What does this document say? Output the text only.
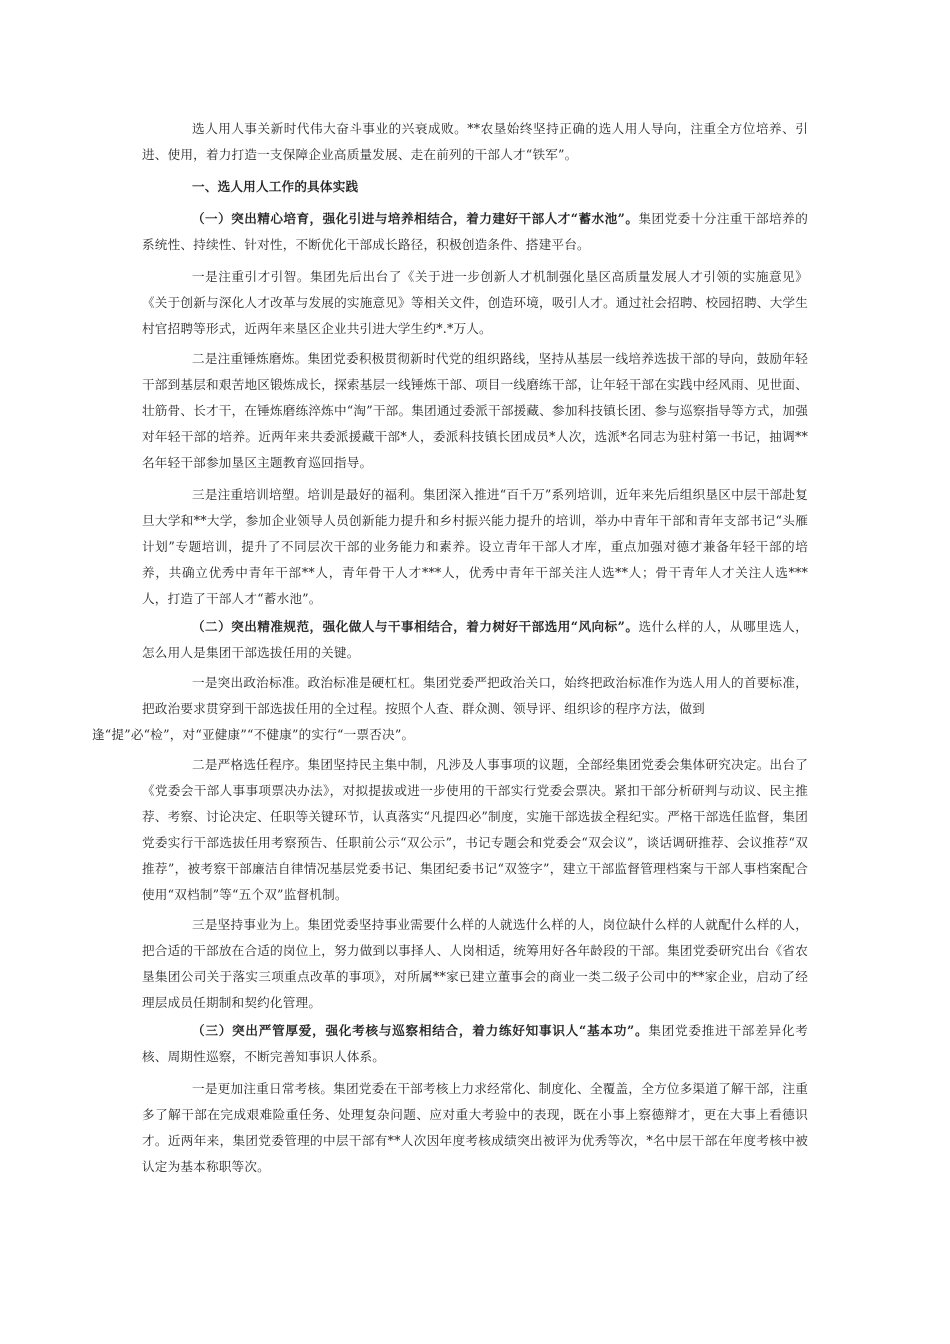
选人用人事关新时代伟大奋斗事业的兴衰成败。**农垦始终坚持正确的选人用人导向，注重全方位培养、引进、使用，着力打造一支保障企业高质量发展、走在前列的干部人才“铁军”。

一、选人用人工作的具体实践

（一）突出精心培育，强化引进与培养相结合，着力建好干部人才“蓄水池”。集团党委十分注重干部培养的系统性、持续性、针对性，不断优化干部成长路径，积极创造条件、搭建平台。

一是注重引才引智。集团先后出台了《关于进一步创新人才机制强化垦区高质量发展人才引领的实施意见》《关于创新与深化人才改革与发展的实施意见》等相关文件，创造环境，吸引人才。通过社会招聘、校园招聘、大学生村官招聘等形式，近两年来垦区企业共引进大学生约*.*万人。

二是注重锤炼磨炼。集团党委积极贯彻新时代党的组织路线，坚持从基层一线培养选拔干部的导向，鼓励年轻干部到基层和艰苦地区锻炼成长，探索基层一线锤炼干部、项目一线磨练干部，让年轻干部在实践中经风雨、见世面、壮筋骨、长才干，在锤炼磨练淬炼中“淘”干部。集团通过委派干部援藏、参加科技镇长团、参与巡察指导等方式，加强对年轻干部的培养。近两年来共委派援藏干部*人，委派科技镇长团成员*人次，选派*名同志为驻村第一书记，抽调**名年轻干部参加垦区主题教育巡回指导。

三是注重培训培塑。培训是最好的福利。集团深入推进“百千万”系列培训，近年来先后组织垦区中层干部赴复旦大学和**大学，参加企业领导人员创新能力提升和乡村振兴能力提升的培训，举办中青年干部和青年支部书记“头雁计划”专题培训，提升了不同层次干部的业务能力和素养。设立青年干部人才库，重点加强对德才兼备年轻干部的培养，共确立优秀中青年干部**人，青年骨干人才***人，优秀中青年干部关注人选**人；骨干青年人才关注人选***人，打造了干部人才“蓄水池”。

（二）突出精准规范，强化做人与干事相结合，着力树好干部选用“风向标”。选什么样的人，从哪里选人，怎么用人是集团干部选拔任用的关键。

一是突出政治标准。政治标准是硬杠杠。集团党委严把政治关口，始终把政治标准作为选人用人的首要标准，把政治要求贯穿到干部选拔任用的全过程。按照个人查、群众测、领导评、组织诊的程序方法，做到
逢“提”必“检”，对“亚健康”“不健康”的实行“一票否决”。

二是严格选任程序。集团坚持民主集中制，凡涉及人事事项的议题，全部经集团党委会集体研究决定。出台了《党委会干部人事事项票决办法》，对拟提拔或进一步使用的干部实行党委会票决。紧扣干部分析研判与动议、民主推荐、考察、讨论决定、任职等关键环节，认真落实“凡提四必”制度，实施干部选拔全程纪实。严格干部选任监督，集团党委实行干部选拔任用考察预告、任职前公示“双公示”，书记专题会和党委会“双会议”，谈话调研推荐、会议推荐“双推荐”，被考察干部廉洁自律情况基层党委书记、集团纪委书记“双签字”，建立干部监督管理档案与干部人事档案配合使用“双档制”等“五个双”监督机制。

三是坚持事业为上。集团党委坚持事业需要什么样的人就选什么样的人，岗位缺什么样的人就配什么样的人，把合适的干部放在合适的岗位上，努力做到以事择人、人岗相适，统筹用好各年龄段的干部。集团党委研究出台《省农垦集团公司关于落实三项重点改革的事项》，对所属**家已建立董事会的商业一类二级子公司中的**家企业，启动了经理层成员任期制和契约化管理。

（三）突出严管厚爱，强化考核与巡察相结合，着力练好知事识人“基本功”。集团党委推进干部差异化考核、周期性巡察，不断完善知事识人体系。

一是更加注重日常考核。集团党委在干部考核上力求经常化、制度化、全覆盖，全方位多渠道了解干部，注重多了解干部在完成艰难险重任务、处理复杂问题、应对重大考验中的表现，既在小事上察德辩才，更在大事上看德识才。近两年来，集团党委管理的中层干部有**人次因年度考核成绩突出被评为优秀等次，*名中层干部在年度考核中被认定为基本称职等次。
